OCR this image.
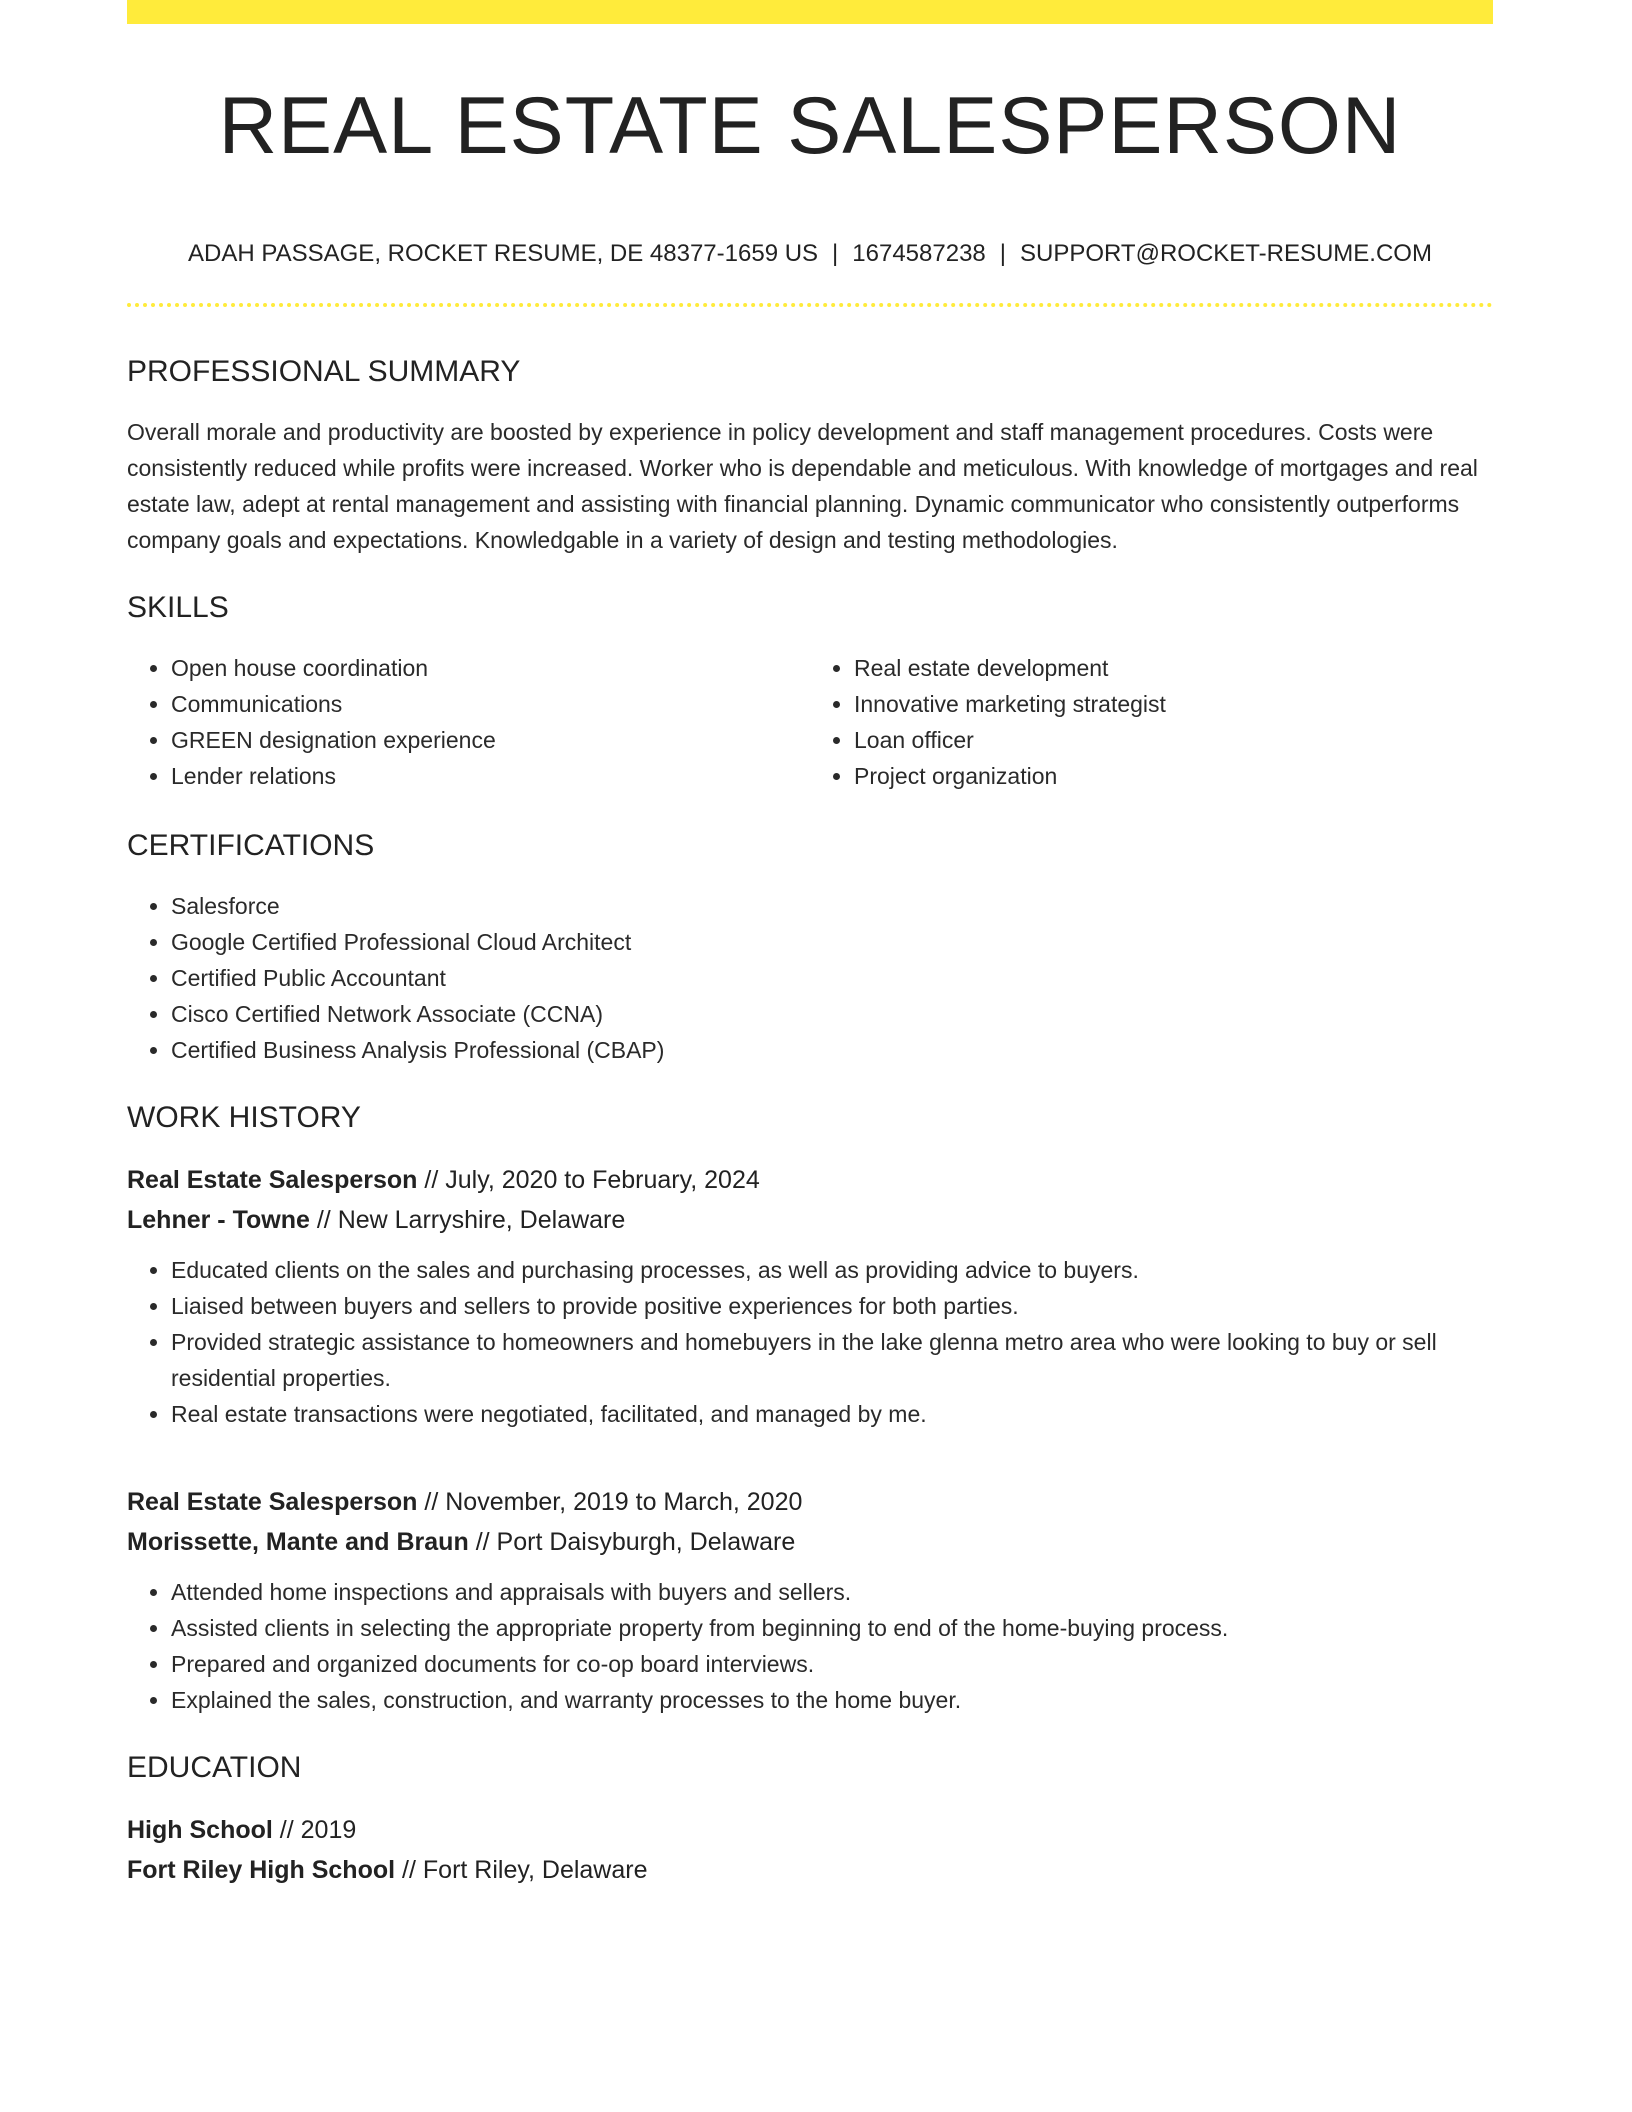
REAL ESTATE SALESPERSON
ADAH PASSAGE, ROCKET RESUME, DE 48377-1659 US | 1674587238 | SUPPORT@ROCKET-RESUME.COM
PROFESSIONAL SUMMARY

Overall morale and productivity are boosted by experience in policy development and staff management procedures. Costs were consistently reduced while profits were increased. Worker who is dependable and meticulous. With knowledge of mortgages and real estate law, adept at rental management and assisting with financial planning. Dynamic communicator who consistently outperforms company goals and expectations. Knowledgable in a variety of design and testing methodologies.

SKILLS
• Open house coordination
• Communications
• GREEN designation experience
• Lender relations
• Real estate development
• Innovative marketing strategist
• Loan officer
• Project organization
CERTIFICATIONS
• Salesforce
• Google Certified Professional Cloud Architect
• Certified Public Accountant
• Cisco Certified Network Associate (CCNA)
• Certified Business Analysis Professional (CBAP)
WORK HISTORY
Real Estate Salesperson // July, 2020 to February, 2024
Lehner - Towne // New Larryshire, Delaware
• Educated clients on the sales and purchasing processes, as well as providing advice to buyers.
• Liaised between buyers and sellers to provide positive experiences for both parties.
• Provided strategic assistance to homeowners and homebuyers in the lake glenna metro area who were looking to buy or sell residential properties.
• Real estate transactions were negotiated, facilitated, and managed by me.
Real Estate Salesperson // November, 2019 to March, 2020
Morissette, Mante and Braun // Port Daisyburgh, Delaware
• Attended home inspections and appraisals with buyers and sellers.
• Assisted clients in selecting the appropriate property from beginning to end of the home-buying process.
• Prepared and organized documents for co-op board interviews.
• Explained the sales, construction, and warranty processes to the home buyer.
EDUCATION
High School // 2019
Fort Riley High School // Fort Riley, Delaware
